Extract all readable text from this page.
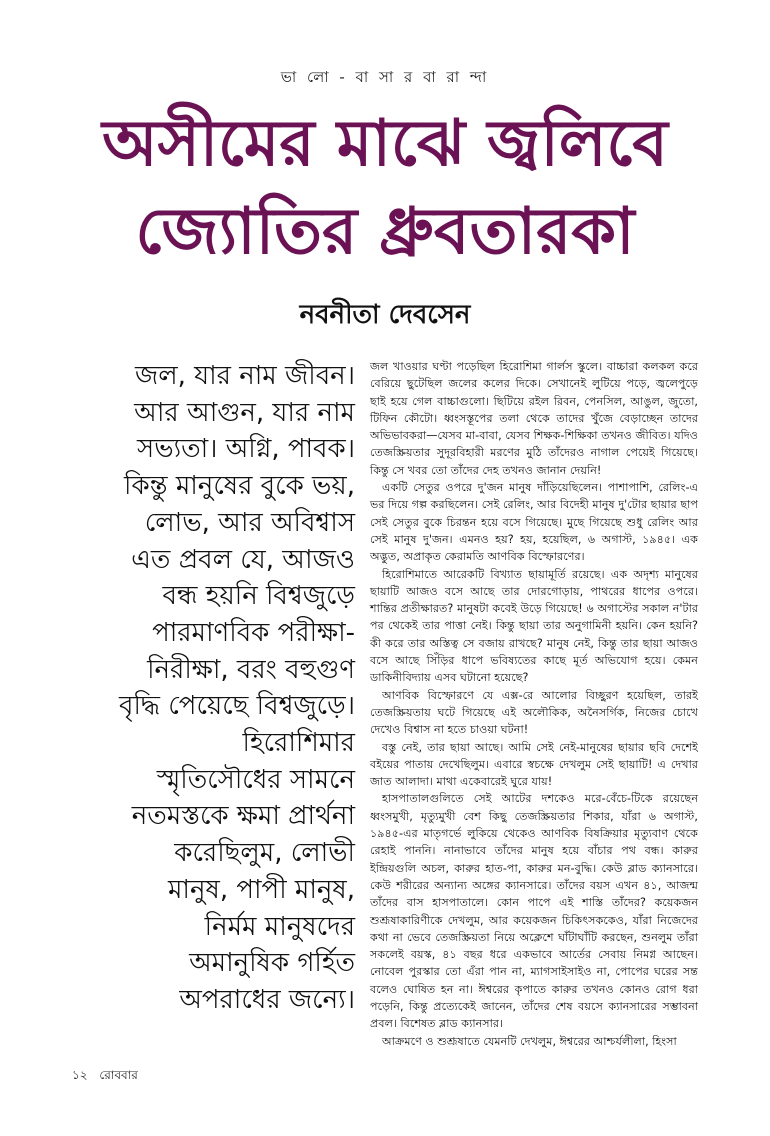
ভা লো - বা সা র বা রা ন্দা
অসীমের মাঝে জ্বলিবে
জ্যোতির ধ্রুবতারকা
নবনীতা দেবসেন
জল, যার নাম জীবন।
আর আগুন, যার নাম
সভ্যতা। অগ্নি, পাবক।
কিন্তু মানুষের বুকে ভয়,
লোভ, আর অবিশ্বাস
এত প্রবল যে, আজও
বন্ধ হয়নি বিশ্বজুড়ে
পারমাণবিক পরীক্ষা-
নিরীক্ষা, বরং বহুগুণ
বৃদ্ধি পেয়েছে বিশ্বজুড়ে।
হিরোশিমার
স্মৃতিসৌধের সামনে
নতমস্তকে ক্ষমা প্রার্থনা
করেছিলুম, লোভী
মানুষ, পাপী মানুষ,
নির্মম মানুষদের
অমানুষিক গর্হিত
অপরাধের জন্যে।

জল খাওয়ার ঘণ্টা পড়েছিল হিরোশিমা গার্লস স্কুলে। বাচ্চারা কলকল করে বেরিয়ে ছুটেছিল জলের কলের দিকে। সেখানেই লুটিয়ে পড়ে, জ্বলেপুড়ে ছাই হয়ে গেল বাচ্চাগুলো। ছিটিয়ে রইল রিবন, পেনসিল, আঙুল, জুতো, টিফিন কৌটো। ধ্বংসস্তূপের তলা থেকে তাদের খুঁজে বেড়াচ্ছেন তাদের অভিভাবকরা—যেসব মা-বাবা, যেসব শিক্ষক-শিক্ষিকা তখনও জীবিত। যদিও তেজস্ক্রিয়তার সুদূরবিহারী মরণের মুঠি তাঁদেরও নাগাল পেয়েই গিয়েছে। কিন্তু সে খবর তো তাঁদের দেহ তখনও জানান দেয়নি!

একটি সেতুর ওপরে দু'জন মানুষ দাঁড়িয়েছিলেন। পাশাপাশি, রেলিং-এ ভর দিয়ে গল্প করছিলেন। সেই রেলিং, আর বিদেহী মানুষ দু'টোর ছায়ার ছাপ সেই সেতুর বুকে চিরন্তন হয়ে বসে গিয়েছে। মুছে গিয়েছে শুধু রেলিং আর সেই মানুষ দু'জন। এমনও হয়? হয়, হয়েছিল, ৬ অগাস্ট, ১৯৪৫। এক অদ্ভুত, অপ্রাকৃত কেরামতি আণবিক বিস্ফোরণের।

হিরোশিমাতে আরেকটি বিখ্যাত ছায়ামূর্তি রয়েছে। এক অদৃশ্য মানুষের ছায়াটি আজও বসে আছে তার দোরগোড়ায়, পাথরের ধাপের ওপরে। শান্তির প্রতীক্ষারত? মানুষটা কবেই উড়ে গিয়েছে! ৬ অগাস্টের সকাল ন'টার পর থেকেই তার পাত্তা নেই। কিন্তু ছায়া তার অনুগামিনী হয়নি। কেন হয়নি? কী করে তার অস্তিত্ব সে বজায় রাখছে? মানুষ নেই, কিন্তু তার ছায়া আজও বসে আছে সিঁড়ির ধাপে ভবিষ্যতের কাছে মূর্ত অভিযোগ হয়ে। কেমন ডাকিনীবিদ্যায় এসব ঘটানো হয়েছে?

আণবিক বিস্ফোরণে যে এক্স-রে আলোর বিচ্ছুরণ হয়েছিল, তারই তেজস্ক্রিয়তায় ঘটে গিয়েছে এই অলৌকিক, অনৈসর্গিক, নিজের চোখে দেখেও বিশ্বাস না হতে চাওয়া ঘটনা!

বস্তু নেই, তার ছায়া আছে। আমি সেই নেই-মানুষের ছায়ার ছবি দেশেই বইয়ের পাতায় দেখেছিলুম। এবারে স্বচক্ষে দেখলুম সেই ছায়াটি! এ দেখার জাত আলাদা। মাথা একেবারেই ঘুরে যায়!

হাসপাতালগুলিতে সেই আটের দশকেও মরে-বেঁচে-টিকে রয়েছেন ধ্বংসমুখী, মৃত্যুমুখী বেশ কিছু তেজস্ক্রিয়তার শিকার, যাঁরা ৬ অগাস্ট, ১৯৪৫-এর মাতৃগর্ভে লুকিয়ে থেকেও আণবিক বিষক্রিয়ার মৃত্যুবাণ থেকে রেহাই পাননি। নানাভাবে তাঁদের মানুষ হয়ে বাঁচার পথ বন্ধ। কারুর ইন্দ্রিয়গুলি অচল, কারুর হাত-পা, কারুর মন-বুদ্ধি। কেউ ব্লাড ক্যানসারে। কেউ শরীরের অন্যান্য অঙ্গের ক্যানসারে। তাঁদের বয়স এখন ৪১, আজন্ম তাঁদের বাস হাসপাতালে। কোন পাপে এই শাস্তি তাঁদের? কয়েকজন শুশ্রূষাকারিণীকে দেখলুম, আর কয়েকজন চিকিৎসককেও, যাঁরা নিজেদের কথা না ভেবে তেজস্ক্রিয়তা নিয়ে অক্লেশে ঘাঁটাঘাঁটি করছেন, শুনলুম তাঁরা সকলেই বয়স্ক, ৪১ বছর ধরে একভাবে আর্তের সেবায় নিমগ্ন আছেন। নোবেল পুরস্কার তো এঁরা পান না, ম্যাগসাইসাইও না, পোপের ঘরের সন্ত বলেও ঘোষিত হন না। ঈশ্বরের কৃপাতে কারুর তখনও কোনও রোগ ধরা পড়েনি, কিন্তু প্রত্যেকেই জানেন, তাঁদের শেষ বয়সে ক্যানসারের সম্ভাবনা প্রবল। বিশেষত ব্লাড ক্যানসার।

আক্রমণে ও শুশ্রূষাতে যেমনটি দেখলুম, ঈশ্বরের আশ্চর্যলীলা, হিংসা

১২ রোববার
